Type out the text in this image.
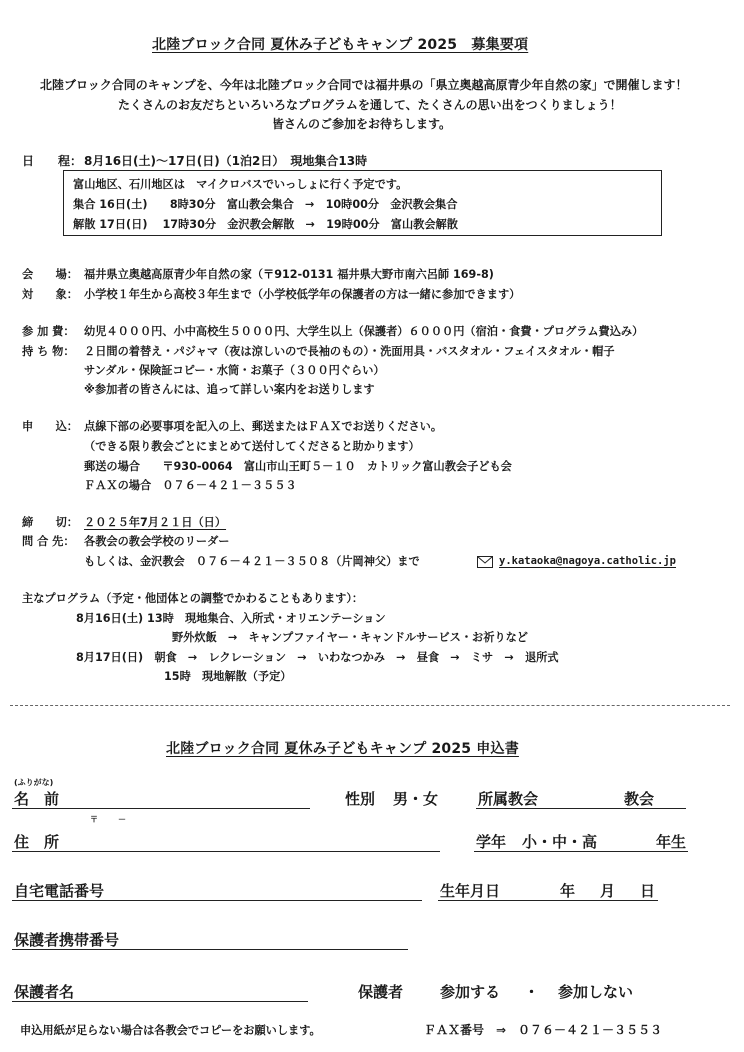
北陸ブロック合同 夏休み子どもキャンプ 2025　募集要項
北陸ブロック合同のキャンプを、今年は北陸ブロック合同では福井県の「県立奥越高原青少年自然の家」で開催します！
たくさんのお友だちといろいろなプログラムを通して、たくさんの思い出をつくりましょう！
皆さんのご参加をお待ちします。
日　　程： 8月16日(土)～17日(日)（1泊2日）　現地集合13時
富山地区、石川地区は　マイクロバスでいっしょに行く予定です。
集合 16日(土)　　8時30分　富山教会集合　→　10時00分　金沢教会集合
解散 17日(日)　 17時30分　金沢教会解散　→　19時00分　富山教会解散
会　　場： 福井県立奥越高原青少年自然の家（〒912-0131 福井県大野市南六呂師 169-8)
対　　象： 小学校１年生から高校３年生まで（小学校低学年の保護者の方は一緒に参加できます）
参 加 費： 幼児４０００円、小中高校生５０００円、大学生以上（保護者）６０００円（宿泊・食費・プログラム費込み）
持 ち 物： ２日間の着替え・パジャマ（夜は涼しいので長袖のもの）・洗面用具・バスタオル・フェイスタオル・帽子
サンダル・保険証コピー・水筒・お菓子（３００円ぐらい）
※参加者の皆さんには、追って詳しい案内をお送りします
申　　込： 点線下部の必要事項を記入の上、郵送またはＦＡＸでお送りください。
（できる限り教会ごとにまとめて送付してくださると助かります）
郵送の場合　　〒930-0064　富山市山王町５－１０　カトリック富山教会子ども会
ＦＡＸの場合　０７６－４２１－３５５３
締　　切： ２０２５年7月２１日（日）
問 合 先： 各教会の教会学校のリーダー
もしくは、金沢教会　０７６－４２１－３５０８（片岡神父）まで	y.kataoka@nagoya.catholic.jp
主なプログラム（予定・他団体との調整でかわることもあります）：
8月16日(土) 13時　現地集合、入所式・オリエンテーション
野外炊飯　→　キャンプファイヤー・キャンドルサービス・お祈りなど
8月17日(日)　朝食　→　レクレーション　→　いわなつかみ　→　昼食　→　ミサ　→　退所式
15時　現地解散（予定）
北陸ブロック合同 夏休み子どもキャンプ 2025 申込書
(ふりがな)
名　前	性別 男・女	所属教会	教会
〒	－
住　所	学年 小・中・高	年生
自宅電話番号	生年月日	年 月 日
保護者携帯番号
保護者名	保護者 参加する ・ 参加しない
申込用紙が足らない場合は各教会でコピーをお願いします。	ＦＡＸ番号　⇒　０７６－４２１－３５５３
